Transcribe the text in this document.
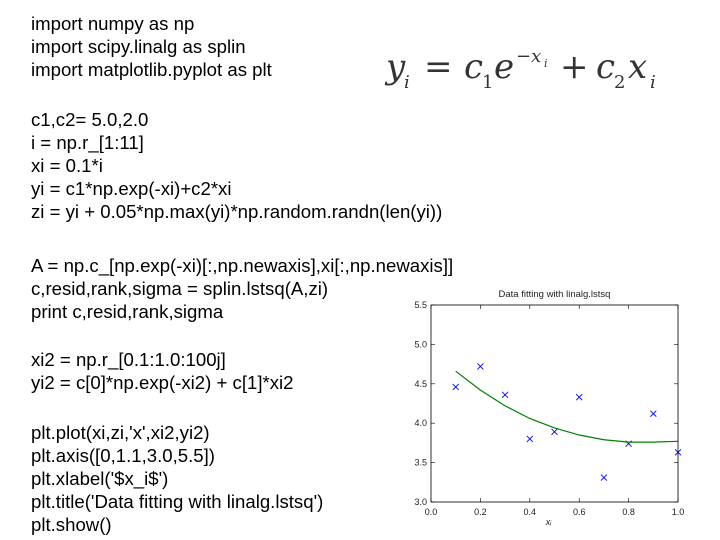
import numpy as np
import scipy.linalg as splin
import matplotlib.pyplot as plt
c1,c2= 5.0,2.0
i = np.r_[1:11]
xi = 0.1*i
yi = c1*np.exp(-xi)+c2*xi
zi = yi + 0.05*np.max(yi)*np.random.randn(len(yi))
A = np.c_[np.exp(-xi)[:,np.newaxis],xi[:,np.newaxis]]
c,resid,rank,sigma = splin.lstsq(A,zi)
print c,resid,rank,sigma
xi2 = np.r_[0.1:1.0:100j]
yi2 = c[0]*np.exp(-xi2) + c[1]*xi2
plt.plot(xi,zi,'x',xi2,yi2)
plt.axis([0,1.1,3.0,5.5])
plt.xlabel('$x_i$')
plt.title('Data fitting with linalg.lstsq')
plt.show()
y
i = c
1 e −x i + c
2 x i
Data fitting with linalg.lstsq
0.0	0.2	0.4	0.6	0.8	1.0
3.0
3.5
4.0
4.5
5.0
5.5
xᵢ
